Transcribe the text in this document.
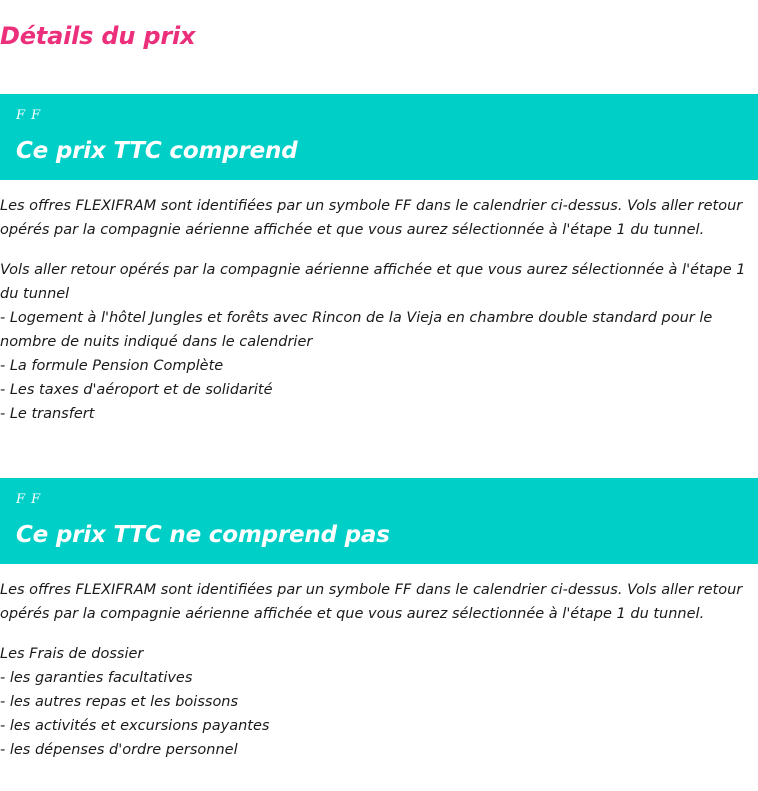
Détails du prix
F F
Ce prix TTC comprend

Les offres FLEXIFRAM sont identifiées par un symbole FF dans le calendrier ci-dessus. Vols aller retour opérés par la compagnie aérienne affichée et que vous aurez sélectionnée à l'étape 1 du tunnel.

Vols aller retour opérés par la compagnie aérienne affichée et que vous aurez sélectionnée à l'étape 1 du tunnel
- Logement à l'hôtel Jungles et forêts avec Rincon de la Vieja en chambre double standard pour le nombre de nuits indiqué dans le calendrier
- La formule Pension Complète
- Les taxes d'aéroport et de solidarité
- Le transfert
F F
Ce prix TTC ne comprend pas

Les offres FLEXIFRAM sont identifiées par un symbole FF dans le calendrier ci-dessus. Vols aller retour opérés par la compagnie aérienne affichée et que vous aurez sélectionnée à l'étape 1 du tunnel.

Les Frais de dossier
- les garanties facultatives
- les autres repas et les boissons
- les activités et excursions payantes
- les dépenses d'ordre personnel
